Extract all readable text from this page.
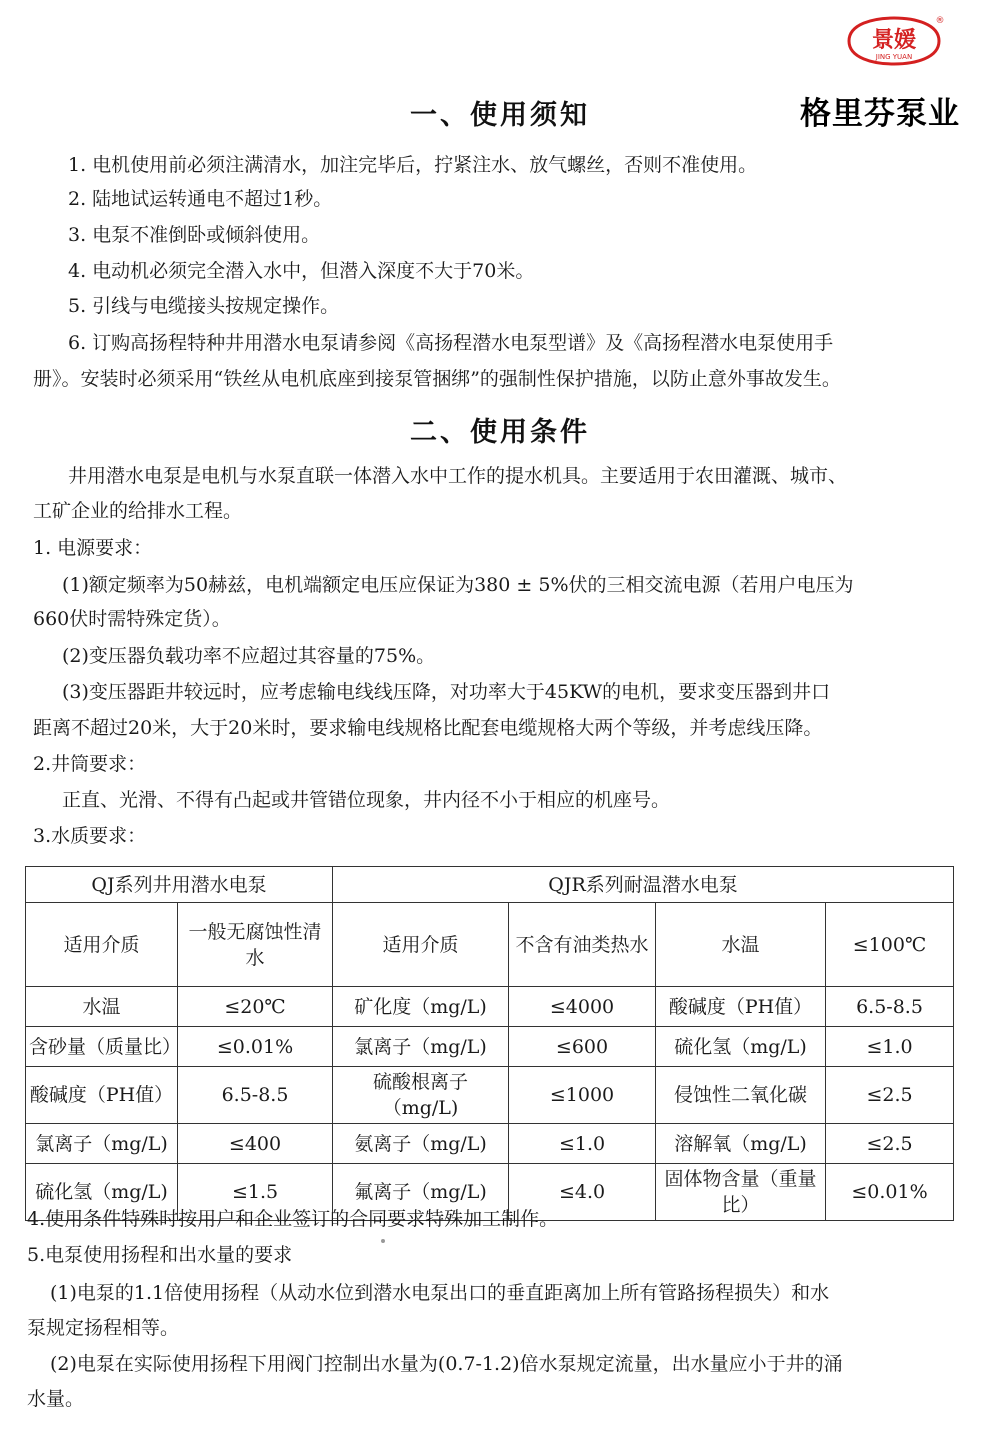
景媛
JING YUAN
®
格里芬泵业
一、使用须知
1. 电机使用前必须注满清水，加注完毕后，拧紧注水、放气螺丝，否则不准使用。
2. 陆地试运转通电不超过1秒。
3. 电泵不准倒卧或倾斜使用。
4. 电动机必须完全潜入水中，但潜入深度不大于70米。
5. 引线与电缆接头按规定操作。
6. 订购高扬程特种井用潜水电泵请参阅《高扬程潜水电泵型谱》及《高扬程潜水电泵使用手
册》。安装时必须采用“铁丝从电机底座到接泵管捆绑”的强制性保护措施，以防止意外事故发生。
二、使用条件
井用潜水电泵是电机与水泵直联一体潜入水中工作的提水机具。主要适用于农田灌溉、城市、
工矿企业的给排水工程。
1. 电源要求：
(1)额定频率为50赫兹，电机端额定电压应保证为380 ± 5%伏的三相交流电源（若用户电压为
660伏时需特殊定货）。
(2)变压器负载功率不应超过其容量的75%。
(3)变压器距井较远时，应考虑输电线线压降，对功率大于45KW的电机，要求变压器到井口
距离不超过20米，大于20米时，要求输电线规格比配套电缆规格大两个等级，并考虑线压降。
2.井筒要求：
正直、光滑、不得有凸起或井管错位现象，井内径不小于相应的机座号。
3.水质要求：
QJ系列井用潜水电泵		QJR系列耐温潜水电泵			
适用介质	一般无腐蚀性清水	适用介质	不含有油类热水	水温	≤100℃
水温	≤20℃	矿化度（mg/L)	≤4000	酸碱度（PH值）	6.5-8.5
含砂量（质量比）	≤0.01%	氯离子（mg/L)	≤600	硫化氢（mg/L)	≤1.0
酸碱度（PH值）	6.5-8.5	硫酸根离子（mg/L)	≤1000	侵蚀性二氧化碳	≤2.5
氯离子（mg/L)	≤400	氨离子（mg/L)	≤1.0	溶解氧（mg/L)	≤2.5
硫化氢（mg/L)	≤1.5	氟离子（mg/L)	≤4.0	固体物含量（重量比）	≤0.01%
4.使用条件特殊时按用户和企业签订的合同要求特殊加工制作。
5.电泵使用扬程和出水量的要求
(1)电泵的1.1倍使用扬程（从动水位到潜水电泵出口的垂直距离加上所有管路扬程损失）和水
泵规定扬程相等。
(2)电泵在实际使用扬程下用阀门控制出水量为(0.7-1.2)倍水泵规定流量，出水量应小于井的涌
水量。
